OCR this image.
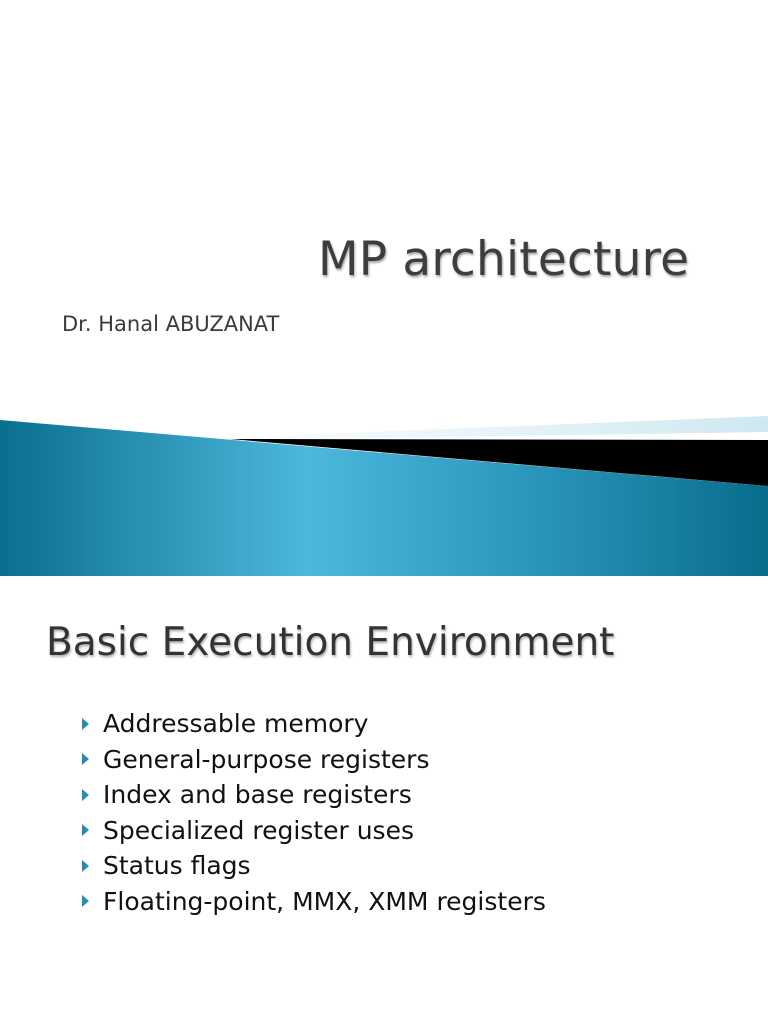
MP architecture

Dr. Hanal ABUZANAT

Basic Execution Environment
Addressable memory
General-purpose registers
Index and base registers
Specialized register uses
Status flags
Floating-point, MMX, XMM registers
